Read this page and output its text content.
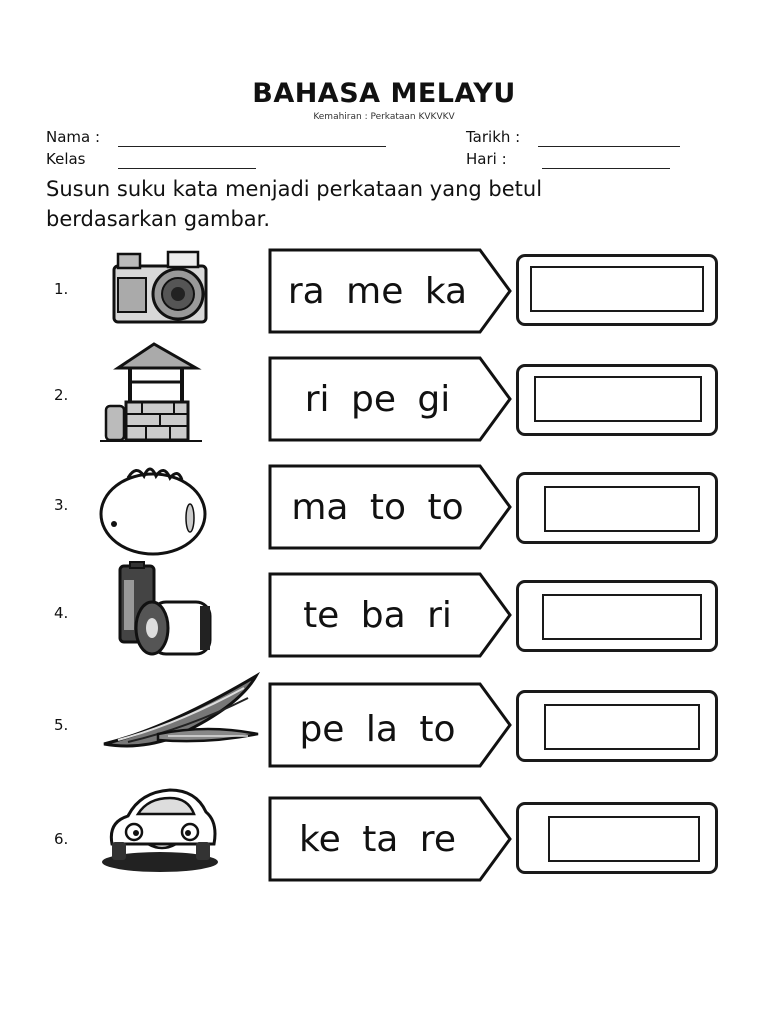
BAHASA MELAYU
Kemahiran : Perkataan KVKVKV
Nama :	Tarikh :
Kelas	Hari :
Susun suku kata menjadi perkataan yang betul berdasarkan gambar.
1.	ra me ka
2.	ri pe gi
3.	ma to to
4.	te ba ri
5.	pe la to
6.	ke ta re
